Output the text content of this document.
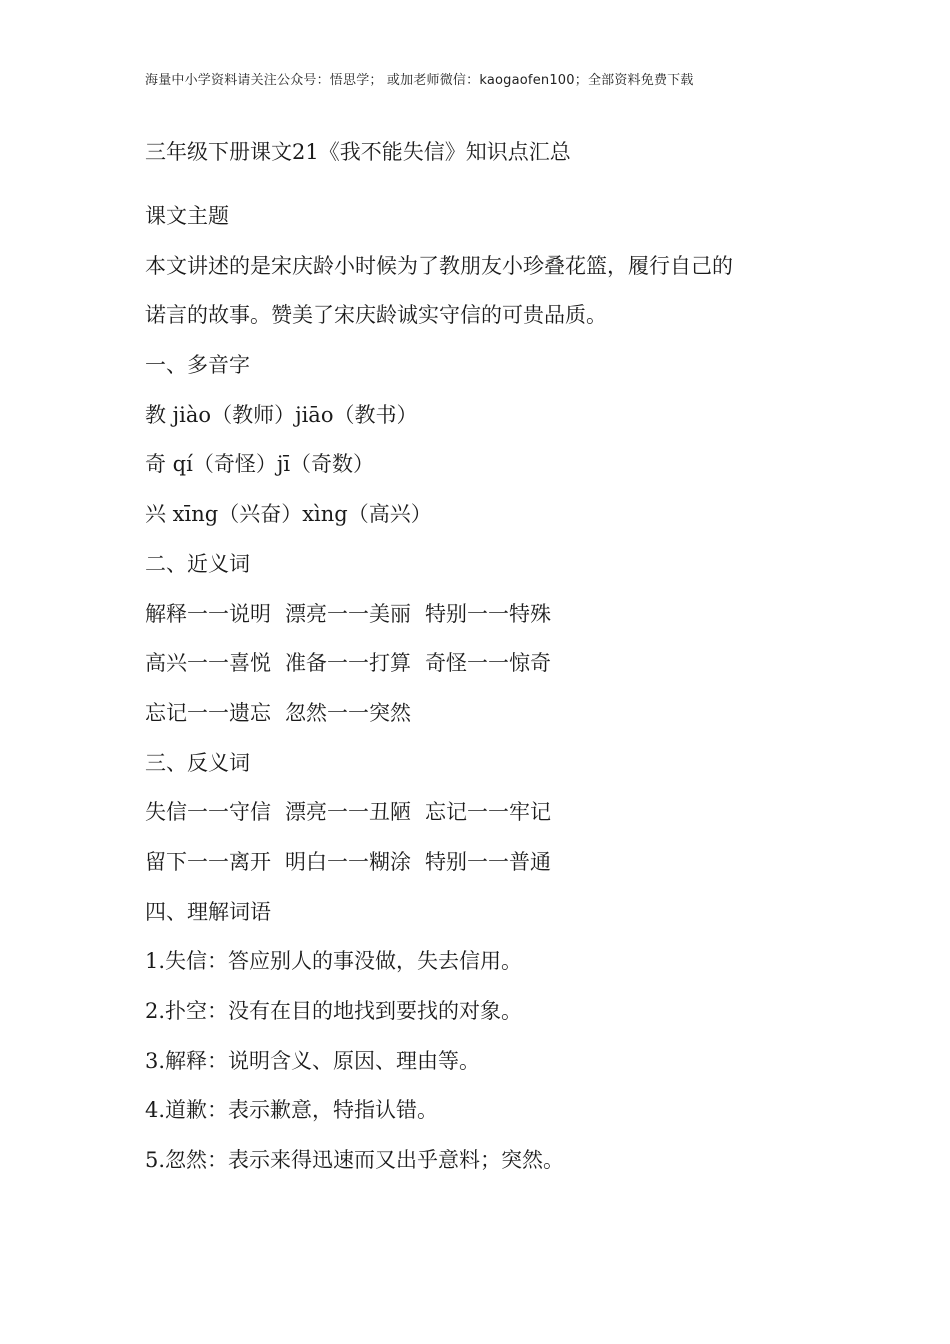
海量中小学资料请关注公众号：悟思学； 或加老师微信：kaogaofen100；全部资料免费下载
三年级下册课文21《我不能失信》知识点汇总
课文主题
本文讲述的是宋庆龄小时候为了教朋友小珍叠花篮，履行自己的
诺言的故事。赞美了宋庆龄诚实守信的可贵品质。
一、多音字
教 jiào（教师）jiāo（教书）
奇 qí（奇怪）jī（奇数）
兴 xīng（兴奋）xìng（高兴）
二、近义词
解释一一说明 漂亮一一美丽 特别一一特殊
高兴一一喜悦 准备一一打算 奇怪一一惊奇
忘记一一遗忘 忽然一一突然
三、反义词
失信一一守信 漂亮一一丑陋 忘记一一牢记
留下一一离开 明白一一糊涂 特别一一普通
四、理解词语
1.失信：答应别人的事没做，失去信用。
2.扑空：没有在目的地找到要找的对象。
3.解释：说明含义、原因、理由等。
4.道歉：表示歉意，特指认错。
5.忽然：表示来得迅速而又出乎意料；突然。
